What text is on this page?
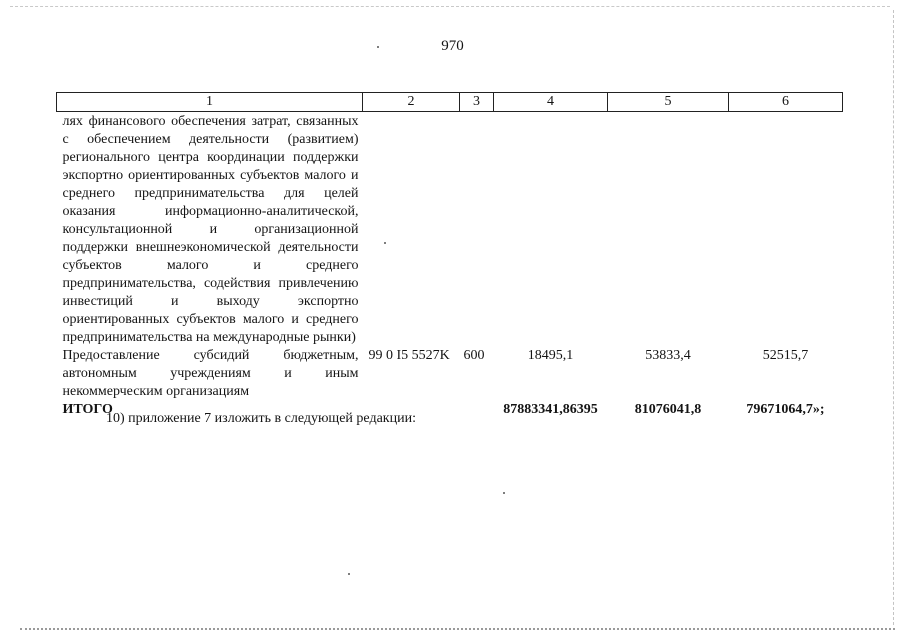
970
1	2	3	4	5	6
лях финансового обеспечения затрат, связанных с обеспечением деятельности (развитием) регионального центра координации поддержки экспортно ориентированных субъектов малого и среднего предпринимательства для целей оказания информационно-аналитической, консультационной и организационной поддержки внешнеэкономической деятельности субъектов малого и среднего предпринимательства, содействия привлечению инвестиций и выходу экспортно ориентированных субъектов малого и среднего предпринимательства на международные рынки)					
Предоставление субсидий бюджетным, автономным учреждениям и иным некоммерческим организациям	99 0 I5 5527K	600	18495,1	53833,4	52515,7
ИТОГО			87883341,86395	81076041,8	79671064,7»;
10) приложение 7 изложить в следующей редакции:
